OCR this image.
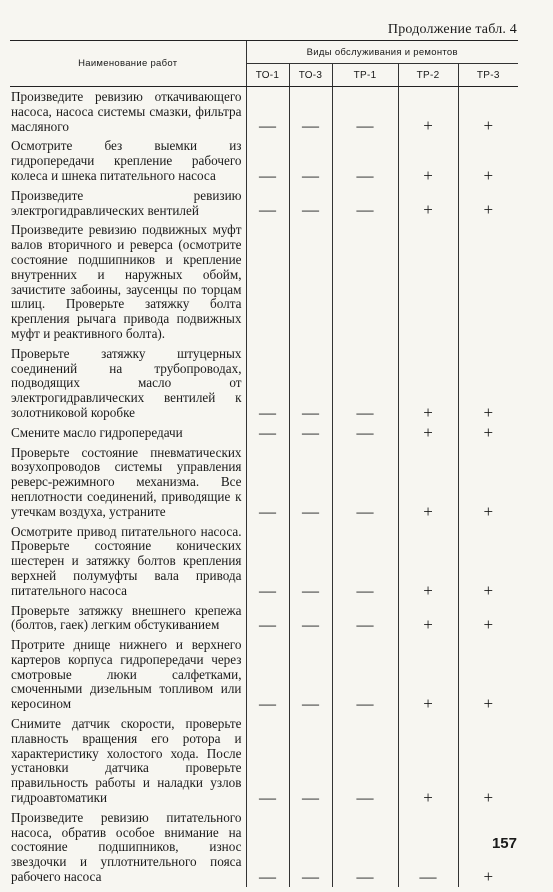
Продолжение табл. 4
Наименование работ	Виды обслуживания и ремонтов				
	ТО-1	ТО-3	ТР-1	ТР-2	ТР-3
Произведите ревизию откачивающего насоса, насоса системы смазки, фильтра масляного	—	—	—	+	+
Осмотрите без выемки из гидропередачи крепление рабочего колеса и шнека питательного насоса	—	—	—	+	+
Произведите ревизию электрогидравлических вентилей	—	—	—	+	+
Произведите ревизию подвижных муфт валов вторичного и реверса (осмотрите состояние подшипников и крепление внутренних и наружных обойм, зачистите забоины, заусенцы по торцам шлиц. Проверьте затяжку болта крепления рычага привода подвижных муфт и реактивного болта).					
Проверьте затяжку штуцерных соединений на трубопроводах, подводящих масло от электрогидравлических вентилей к золотниковой коробке	—	—	—	+	+
Смените масло гидропередачи	—	—	—	+	+
Проверьте состояние пневматических возухопроводов системы управления реверс-режимного механизма. Все неплотности соединений, приводящие к утечкам воздуха, устраните	—	—	—	+	+
Осмотрите привод питательного насоса. Проверьте состояние конических шестерен и затяжку болтов крепления верхней полумуфты вала привода питательного насоса	—	—	—	+	+
Проверьте затяжку внешнего крепежа (болтов, гаек) легким обстукиванием	—	—	—	+	+
Протрите днище нижнего и верхнего картеров корпуса гидропередачи через смотровые люки салфетками, смоченными дизельным топливом или керосином	—	—	—	+	+
Снимите датчик скорости, проверьте плавность вращения его ротора и характеристику холостого хода. После установки датчика проверьте правильность работы и наладки узлов гидроавтоматики	—	—	—	+	+
Произведите ревизию питательного насоса, обратив особое внимание на состояние подшипников, износ звездочки и уплотнительного пояса рабочего насоса	—	—	—	—	+
157
